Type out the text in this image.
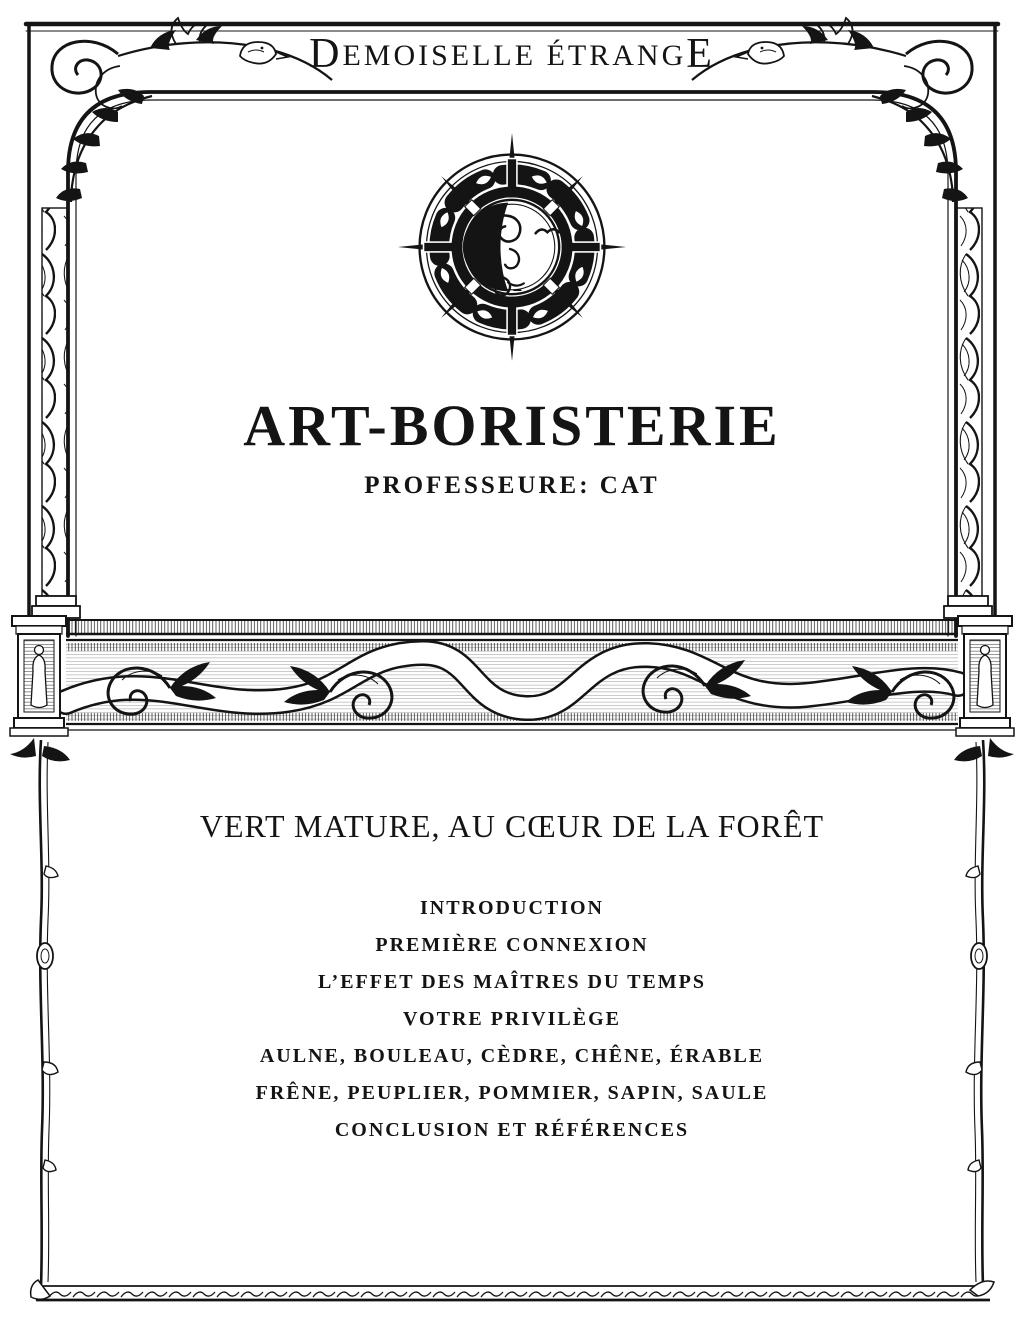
DEMOISELLE ÉTRANGE
ART-BORISTERIE
PROFESSEURE: CAT
VERT MATURE, AU CŒUR DE LA FORÊT
INTRODUCTION
PREMIÈRE CONNEXION
L’EFFET DES MAÎTRES DU TEMPS
VOTRE PRIVILÈGE
AULNE, BOULEAU, CÈDRE, CHÊNE, ÉRABLE
FRÊNE, PEUPLIER, POMMIER, SAPIN, SAULE
CONCLUSION ET RÉFÉRENCES
